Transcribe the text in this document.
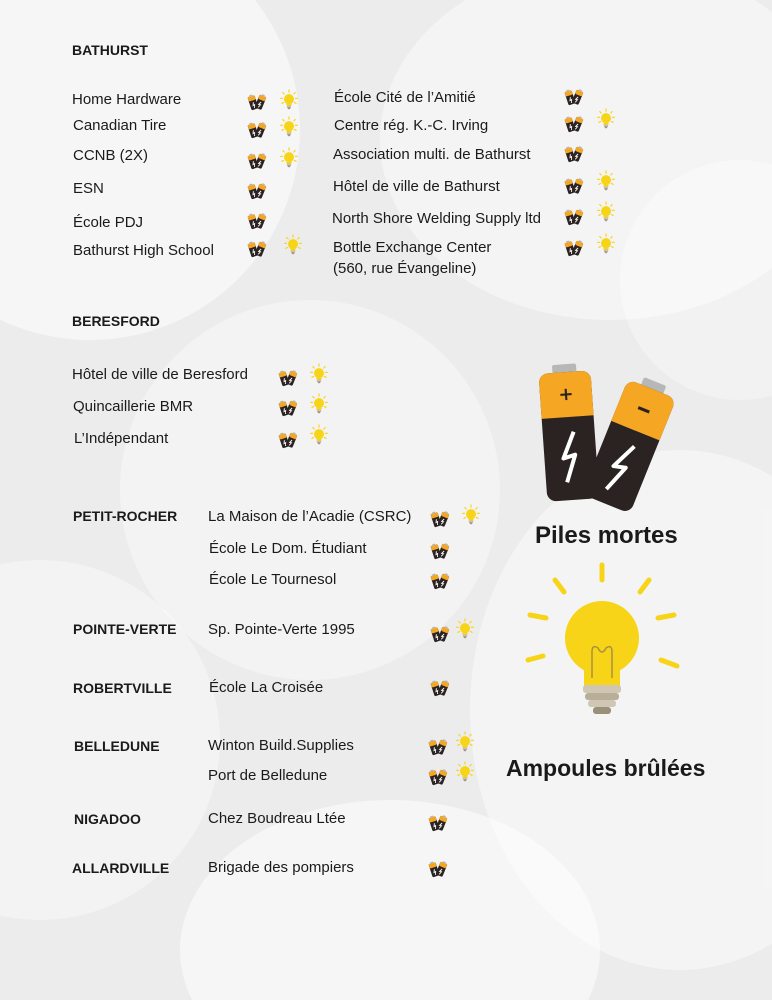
BATHURST
BERESFORD
PETIT-ROCHER
POINTE-VERTE
ROBERTVILLE
BELLEDUNE
NIGADOO
ALLARDVILLE
Home Hardware
Canadian Tire
CCNB (2X)
ESN
École PDJ
Bathurst High School
École Cité de l’Amitié
Centre rég. K.-C. Irving
Association multi. de Bathurst
Hôtel de ville de Bathurst
North Shore Welding Supply ltd
Bottle Exchange Center
(560, rue Évangeline)
Hôtel de ville de Beresford
Quincaillerie BMR
L’Indépendant
La Maison de l’Acadie (CSRC)
École Le Dom. Étudiant
École Le Tournesol
Sp. Pointe-Verte 1995
École La Croisée
Winton Build.Supplies
Port de Belledune
Chez Boudreau Ltée
Brigade des pompiers
+
Piles mortes
Ampoules brûlées
